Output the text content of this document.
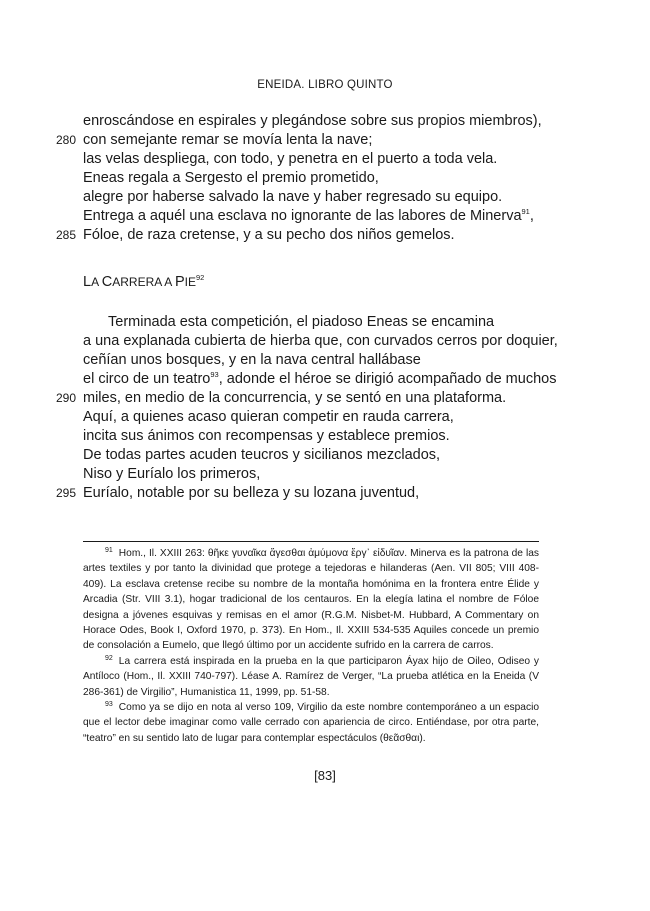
ENEIDA. LIBRO QUINTO
enroscándose en espirales y plegándose sobre sus propios miembros),
280 con semejante remar se movía lenta la nave;
las velas despliega, con todo, y penetra en el puerto a toda vela.
Eneas regala a Sergesto el premio prometido,
alegre por haberse salvado la nave y haber regresado su equipo.
Entrega a aquél una esclava no ignorante de las labores de Minerva$^{91}$,
285 Fóloe, de raza cretense, y a su pecho dos niños gemelos.
LA CARRERA A PIE$^{92}$
Terminada esta competición, el piadoso Eneas se encamina
a una explanada cubierta de hierba que, con curvados cerros por doquier,
ceñían unos bosques, y en la nava central hallábase
el circo de un teatro$^{93}$, adonde el héroe se dirigió acompañado de muchos
290 miles, en medio de la concurrencia, y se sentó en una plataforma.
Aquí, a quienes acaso quieran competir en rauda carrera,
incita sus ánimos con recompensas y establece premios.
De todas partes acuden teucros y sicilianos mezclados,
Niso y Euríalo los primeros,
295 Euríalo, notable por su belleza y su lozana juventud,

$^{91}$ Hom., Il. XXIII 263: θῆκε γυναῖκα ἄγεσθαι ἀμύμονα ἔργ᾽ εἰδυῖαν. Minerva es la patrona de las artes textiles y por tanto la divinidad que protege a tejedoras e hilanderas (Aen. VII 805; VIII 408-409). La esclava cretense recibe su nombre de la montaña homónima en la frontera entre Élide y Arcadia (Str. VIII 3.1), hogar tradicional de los centauros. En la elegía latina el nombre de Fóloe designa a jóvenes esquivas y remisas en el amor (R.G.M. Nisbet-M. Hubbard, A Commentary on Horace Odes, Book I, Oxford 1970, p. 373). En Hom., Il. XXIII 534-535 Aquiles concede un premio de consolación a Eumelo, que llegó último por un accidente sufrido en la carrera de carros.

$^{92}$ La carrera está inspirada en la prueba en la que participaron Áyax hijo de Oileo, Odiseo y Antíloco (Hom., Il. XXIII 740-797). Léase A. Ramírez de Verger, “La prueba atlética en la Eneida (V 286-361) de Virgilio”, Humanistica 11, 1999, pp. 51-58.

$^{93}$ Como ya se dijo en nota al verso 109, Virgilio da este nombre contemporáneo a un espacio que el lector debe imaginar como valle cerrado con apariencia de circo. Entiéndase, por otra parte, “teatro” en su sentido lato de lugar para contemplar espectáculos (θεᾶσθαι).

[83]
